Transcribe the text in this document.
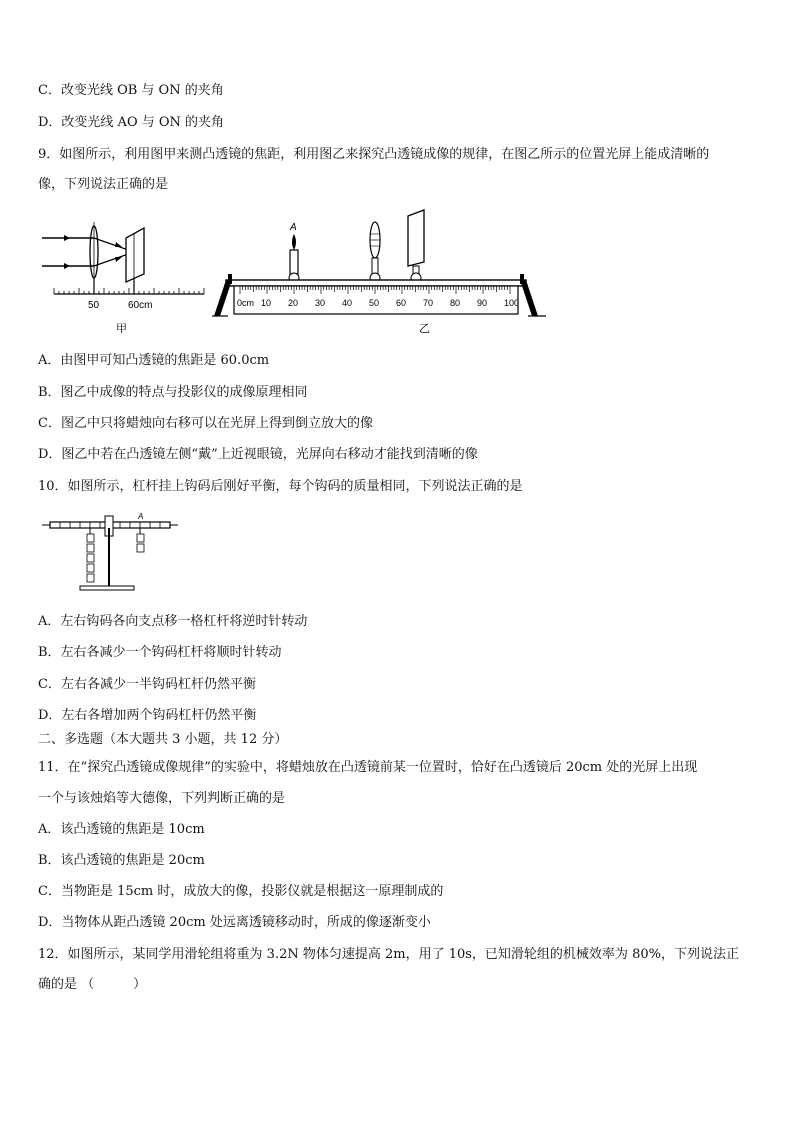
C．改变光线 OB 与 ON 的夹角
D．改变光线 AO 与 ON 的夹角
9．如图所示，利用图甲来测凸透镜的焦距，利用图乙来探究凸透镜成像的规律，在图乙所示的位置光屏上能成清晰的
像，下列说法正确的是
50	60cm
甲
A
0cm 10 20 30 40 50 60 70 80 90 100
乙
A．由图甲可知凸透镜的焦距是 60.0cm
B．图乙中成像的特点与投影仪的成像原理相同
C．图乙中只将蜡烛向右移可以在光屏上得到倒立放大的像
D．图乙中若在凸透镜左侧“戴”上近视眼镜，光屏向右移动才能找到清晰的像
10．如图所示，杠杆挂上钩码后刚好平衡，每个钩码的质量相同，下列说法正确的是
A
A．左右钩码各向支点移一格杠杆将逆时针转动
B．左右各减少一个钩码杠杆将顺时针转动
C．左右各减少一半钩码杠杆仍然平衡
D．左右各增加两个钩码杠杆仍然平衡
二、多选题（本大题共 3 小题，共 12 分）
11．在“探究凸透镜成像规律”的实验中，将蜡烛放在凸透镜前某一位置时，恰好在凸透镜后 20cm 处的光屏上出现
一个与该烛焰等大德像，下列判断正确的是
A．该凸透镜的焦距是 10cm
B．该凸透镜的焦距是 20cm
C．当物距是 15cm 时，成放大的像，投影仪就是根据这一原理制成的
D．当物体从距凸透镜 20cm 处远离透镜移动时，所成的像逐渐变小
12．如图所示，某同学用滑轮组将重为 3.2N 物体匀速提高 2m，用了 10s，已知滑轮组的机械效率为 80%，下列说法正
确的是 （　　　）
